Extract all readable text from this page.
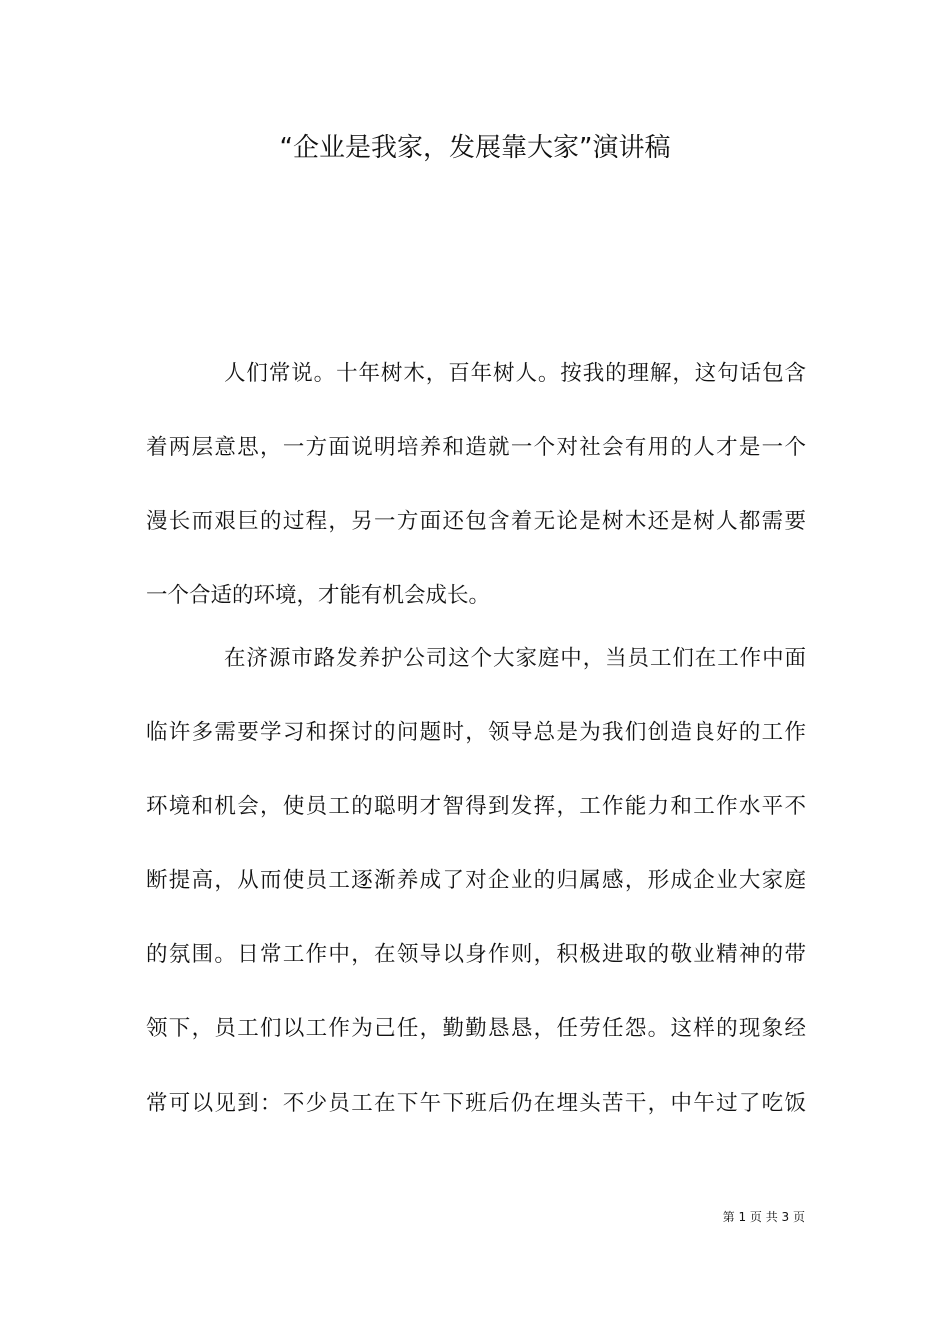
“企业是我家，发展靠大家”演讲稿
人们常说。十年树木，百年树人。按我的理解，这句话包含
着两层意思，一方面说明培养和造就一个对社会有用的人才是一个
漫长而艰巨的过程，另一方面还包含着无论是树木还是树人都需要
一个合适的环境，才能有机会成长。
在济源市路发养护公司这个大家庭中，当员工们在工作中面
临许多需要学习和探讨的问题时，领导总是为我们创造良好的工作
环境和机会，使员工的聪明才智得到发挥，工作能力和工作水平不
断提高，从而使员工逐渐养成了对企业的归属感，形成企业大家庭
的氛围。日常工作中，在领导以身作则，积极进取的敬业精神的带
领下，员工们以工作为己任，勤勤恳恳，任劳任怨。这样的现象经
常可以见到：不少员工在下午下班后仍在埋头苦干，中午过了吃饭
第 1 页 共 3 页
